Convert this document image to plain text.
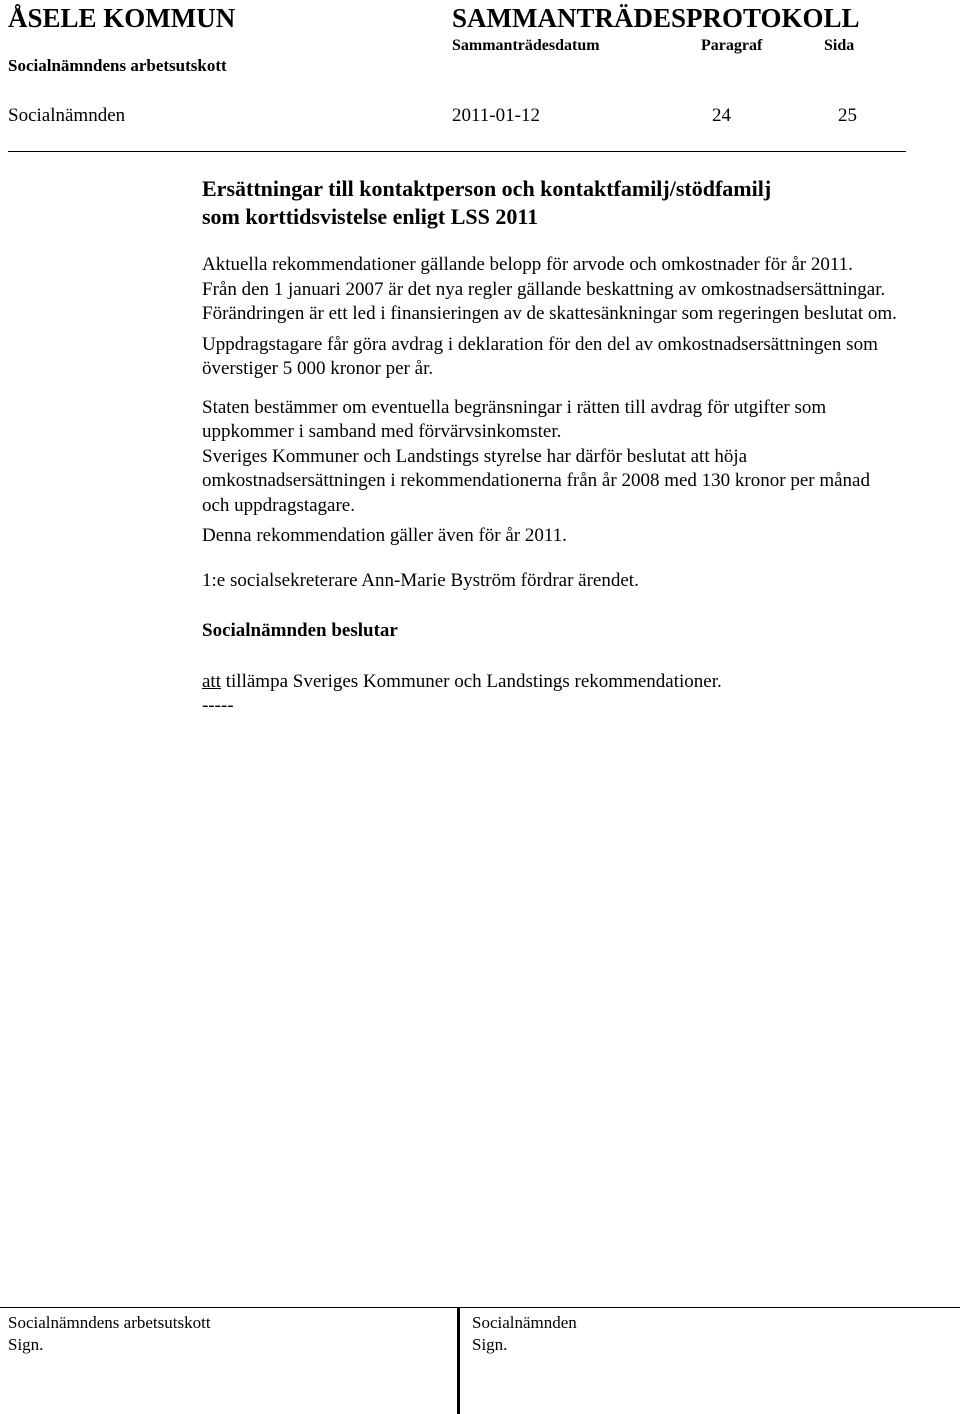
ÅSELE KOMMUN	SAMMANTRÄDESPROTOKOLL
Socialnämndens arbetsutskott
Sammanträdesdatum	Paragraf	Sida
Socialnämnden	2011-01-12	24	25

Ersättningar till kontaktperson och kontaktfamilj/stödfamilj

som korttidsvistelse enligt LSS 2011

Aktuella rekommendationer gällande belopp för arvode och omkostnader för år 2011.

Från den 1 januari 2007 är det nya regler gällande beskattning av omkostnadsersättningar. Förändringen är ett led i finansieringen av de skattesänkningar som regeringen beslutat om.

Uppdragstagare får göra avdrag i deklaration för den del av omkostnadsersättningen som överstiger 5 000 kronor per år.

Staten bestämmer om eventuella begränsningar i rätten till avdrag för utgifter som uppkommer i samband med förvärvsinkomster.

Sveriges Kommuner och Landstings styrelse har därför beslutat att höja omkostnadsersättningen i rekommendationerna från år 2008 med 130 kronor per månad och uppdragstagare.

Denna rekommendation gäller även för år 2011.

1:e socialsekreterare Ann-Marie Byström fördrar ärendet.

Socialnämnden beslutar

att tillämpa Sveriges Kommuner och Landstings rekommendationer.

-----

Socialnämndens arbetsutskott
Sign.
Socialnämnden
Sign.
